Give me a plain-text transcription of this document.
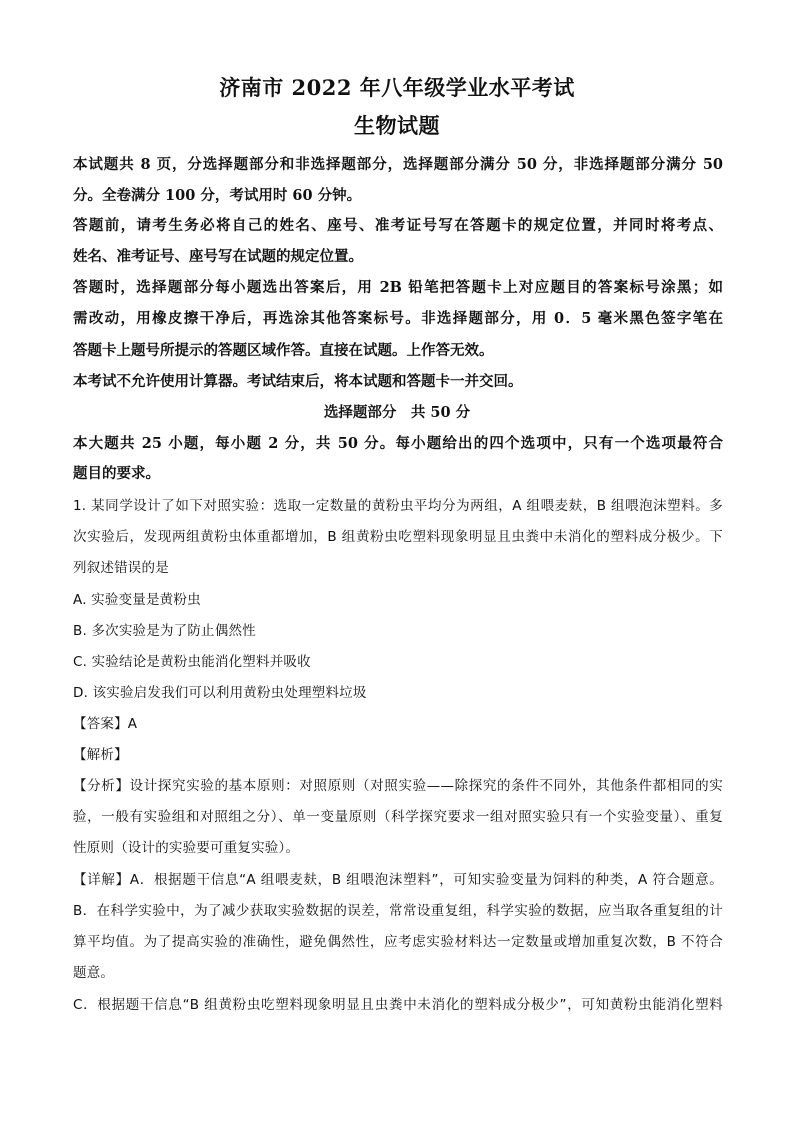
济南市 2022 年八年级学业水平考试
生物试题
本试题共 8 页，分选择题部分和非选择题部分，选择题部分满分 50 分，非选择题部分满分 50
分。全卷满分 100 分，考试用时 60 分钟。
答题前，请考生务必将自己的姓名、座号、准考证号写在答题卡的规定位置，并同时将考点、
姓名、准考证号、座号写在试题的规定位置。
答题时，选择题部分每小题选出答案后，用 2B 铅笔把答题卡上对应题目的答案标号涂黑；如
需改动，用橡皮擦干净后，再选涂其他答案标号。非选择题部分，用 0．5 毫米黑色签字笔在
答题卡上题号所提示的答题区域作答。直接在试题。上作答无效。
本考试不允许使用计算器。考试结束后，将本试题和答题卡一并交回。
选择题部分　共 50 分
本大题共 25 小题，每小题 2 分，共 50 分。每小题给出的四个选项中，只有一个选项最符合
题目的要求。
1. 某同学设计了如下对照实验：选取一定数量的黄粉虫平均分为两组，A 组喂麦麸，B 组喂泡沫塑料。多
次实验后，发现两组黄粉虫体重都增加，B 组黄粉虫吃塑料现象明显且虫粪中未消化的塑料成分极少。下
列叙述错误的是
A. 实验变量是黄粉虫
B. 多次实验是为了防止偶然性
C. 实验结论是黄粉虫能消化塑料并吸收
D. 该实验启发我们可以利用黄粉虫处理塑料垃圾
【答案】A
【解析】
【分析】设计探究实验的基本原则：对照原则（对照实验——除探究的条件不同外，其他条件都相同的实
验，一般有实验组和对照组之分）、单一变量原则（科学探究要求一组对照实验只有一个实验变量）、重复
性原则（设计的实验要可重复实验）。
【详解】A．根据题干信息“A 组喂麦麸，B 组喂泡沫塑料”，可知实验变量为饲料的种类，A 符合题意。
B．在科学实验中，为了减少获取实验数据的误差，常常设重复组，科学实验的数据，应当取各重复组的计
算平均值。为了提高实验的准确性，避免偶然性，应考虑实验材料达一定数量或增加重复次数，B 不符合
题意。
C．根据题干信息“B 组黄粉虫吃塑料现象明显且虫粪中未消化的塑料成分极少”，可知黄粉虫能消化塑料
